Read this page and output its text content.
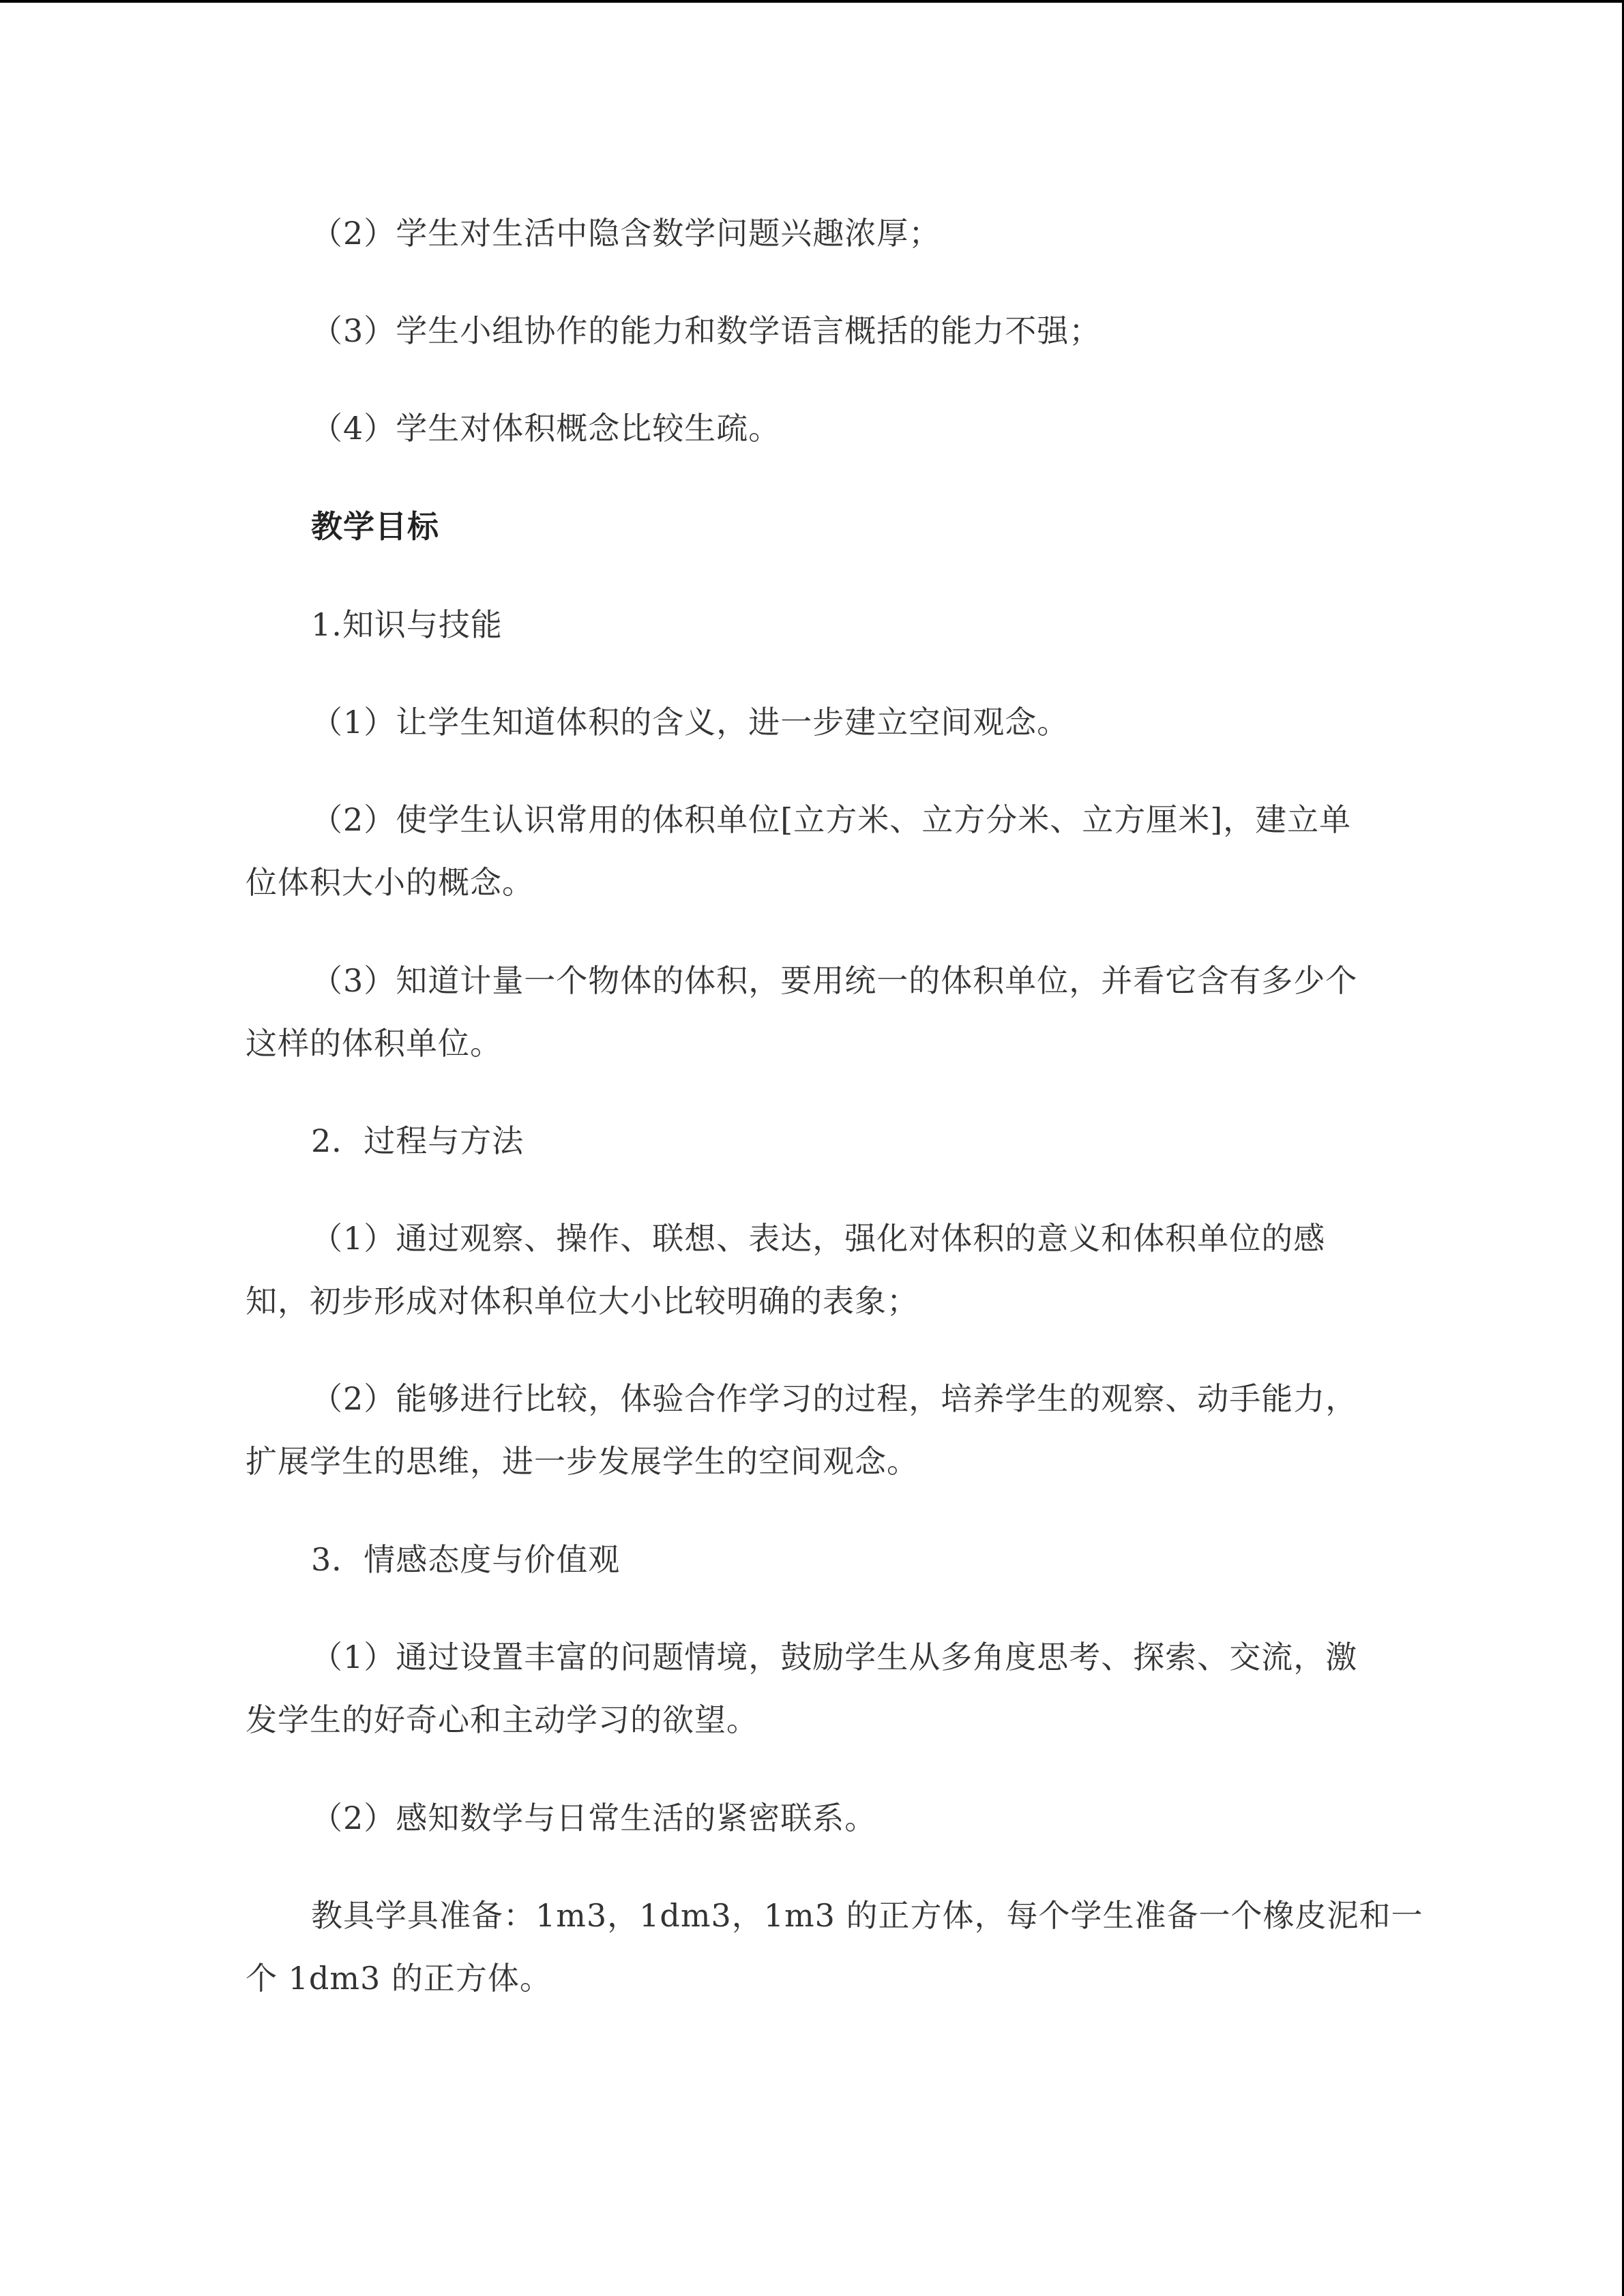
（2）学生对生活中隐含数学问题兴趣浓厚；
（3）学生小组协作的能力和数学语言概括的能力不强；
（4）学生对体积概念比较生疏。
教学目标
1.知识与技能
（1）让学生知道体积的含义，进一步建立空间观念。
（2）使学生认识常用的体积单位[立方米、立方分米、立方厘米]，建立单
位体积大小的概念。
（3）知道计量一个物体的体积，要用统一的体积单位，并看它含有多少个
这样的体积单位。
2．过程与方法
（1）通过观察、操作、联想、表达，强化对体积的意义和体积单位的感
知，初步形成对体积单位大小比较明确的表象；
（2）能够进行比较，体验合作学习的过程，培养学生的观察、动手能力，
扩展学生的思维，进一步发展学生的空间观念。
3．情感态度与价值观
（1）通过设置丰富的问题情境，鼓励学生从多角度思考、探索、交流，激
发学生的好奇心和主动学习的欲望。
（2）感知数学与日常生活的紧密联系。
教具学具准备：1m3，1dm3，1m3 的正方体，每个学生准备一个橡皮泥和一
个 1dm3 的正方体。
